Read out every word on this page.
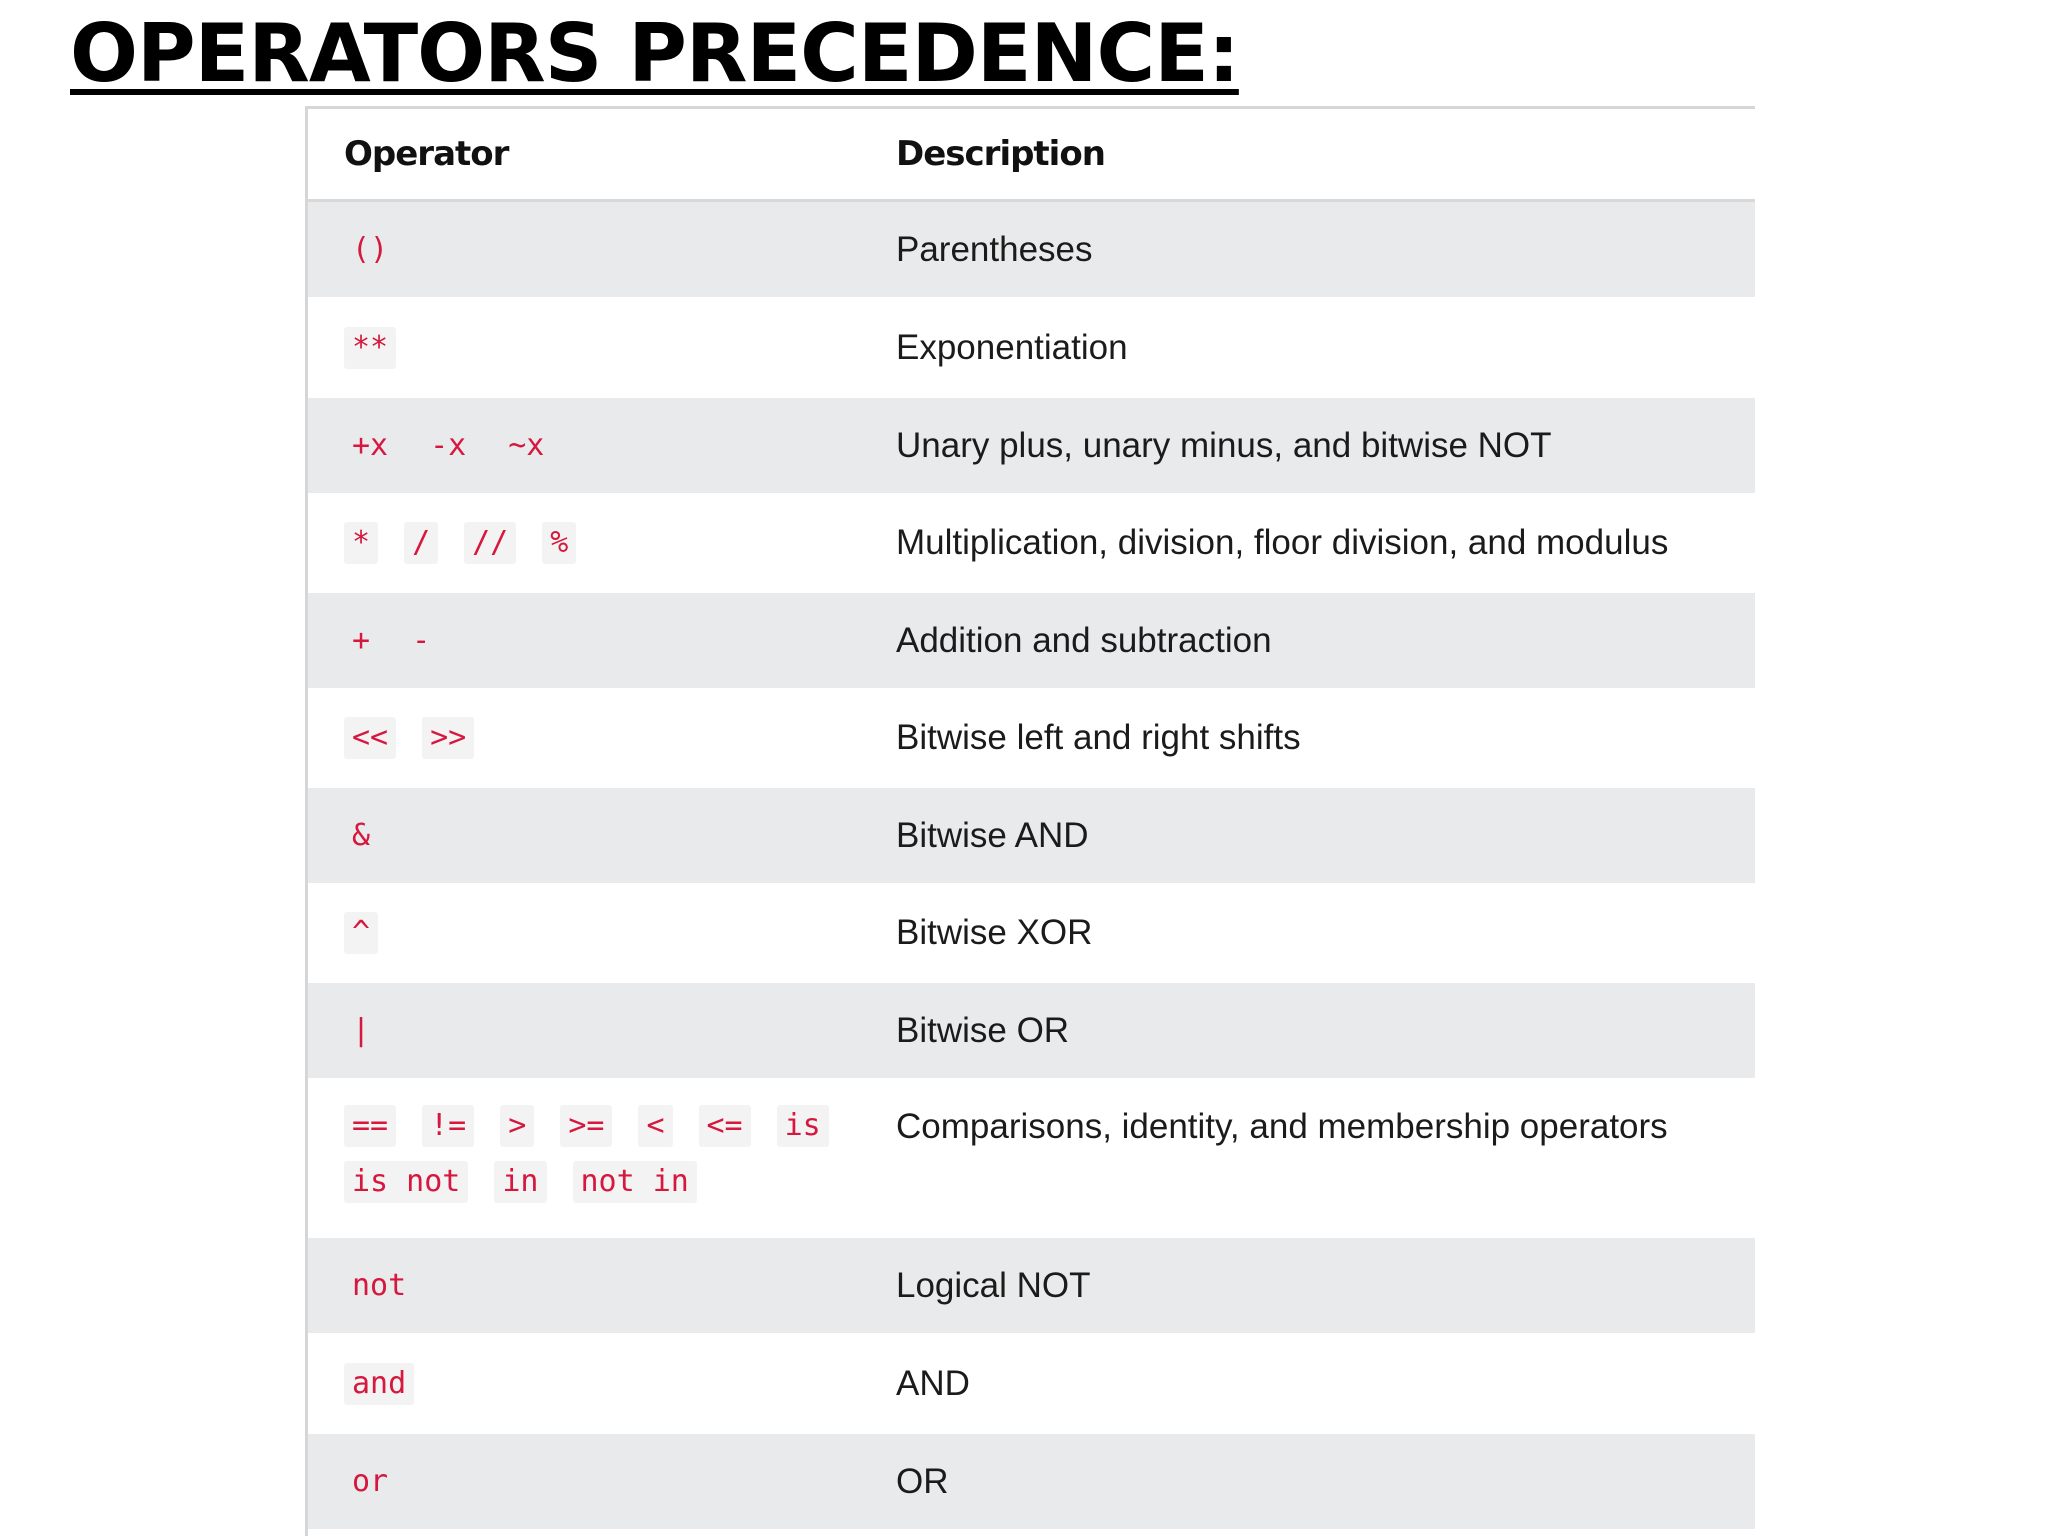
OPERATORS PRECEDENCE:
Operator	Description
()	Parentheses
**	Exponentiation
+x -x ~x	Unary plus, unary minus, and bitwise NOT
* / // %	Multiplication, division, floor division, and modulus
+ -	Addition and subtraction
<< >>	Bitwise left and right shifts
&	Bitwise AND
^	Bitwise XOR
|	Bitwise OR
== != > >= < <= isis not in not in	Comparisons, identity, and membership operators
not	Logical NOT
and	AND
or	OR
